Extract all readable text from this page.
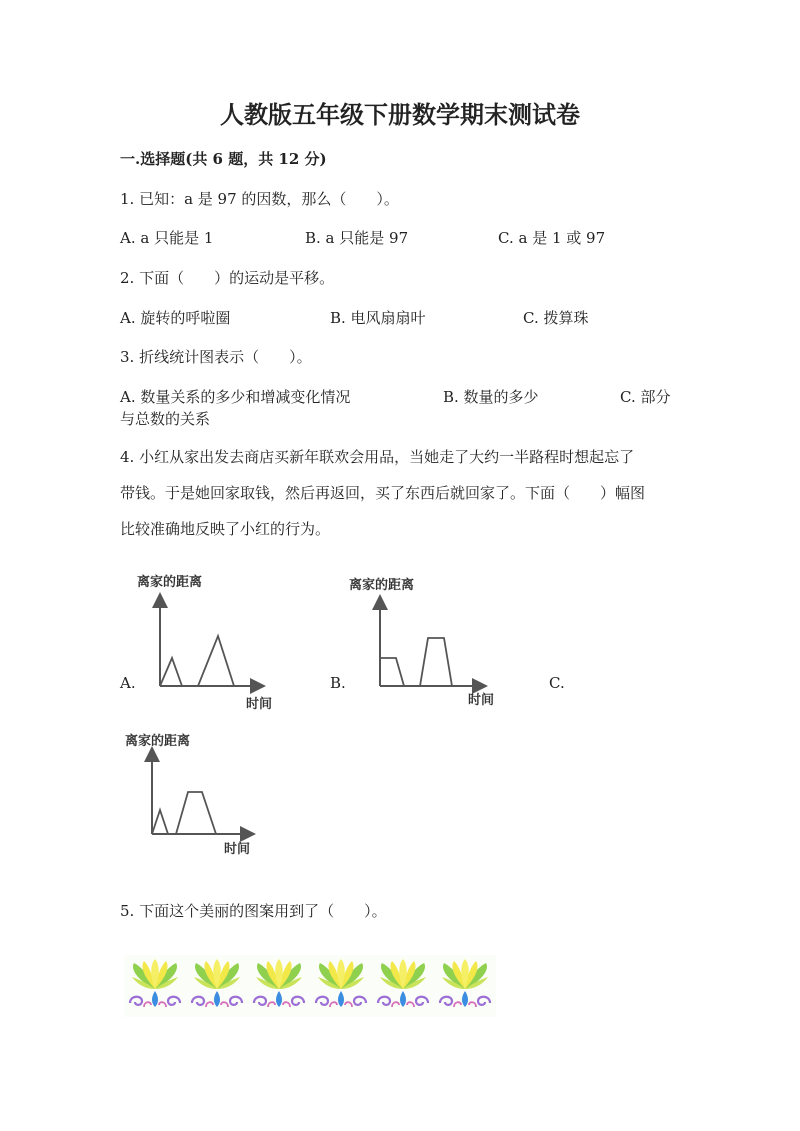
人教版五年级下册数学期末测试卷
一.选择题(共 6 题，共 12 分)
1. 已知：a 是 97 的因数，那么（　　）。
A. a 只能是 1	B. a 只能是 97	C. a 是 1 或 97
2. 下面（　　）的运动是平移。
A. 旋转的呼啦圈	B. 电风扇扇叶	C. 拨算珠
3. 折线统计图表示（　　）。
A. 数量关系的多少和增减变化情况	B. 数量的多少	C. 部分
与总数的关系
4. 小红从家出发去商店买新年联欢会用品，当她走了大约一半路程时想起忘了
带钱。于是她回家取钱，然后再返回，买了东西后就回家了。下面（　　）幅图
比较准确地反映了小红的行为。
A.	B.	C.
离家的距离
时间
离家的距离
时间
离家的距离
时间
5. 下面这个美丽的图案用到了（　　）。
